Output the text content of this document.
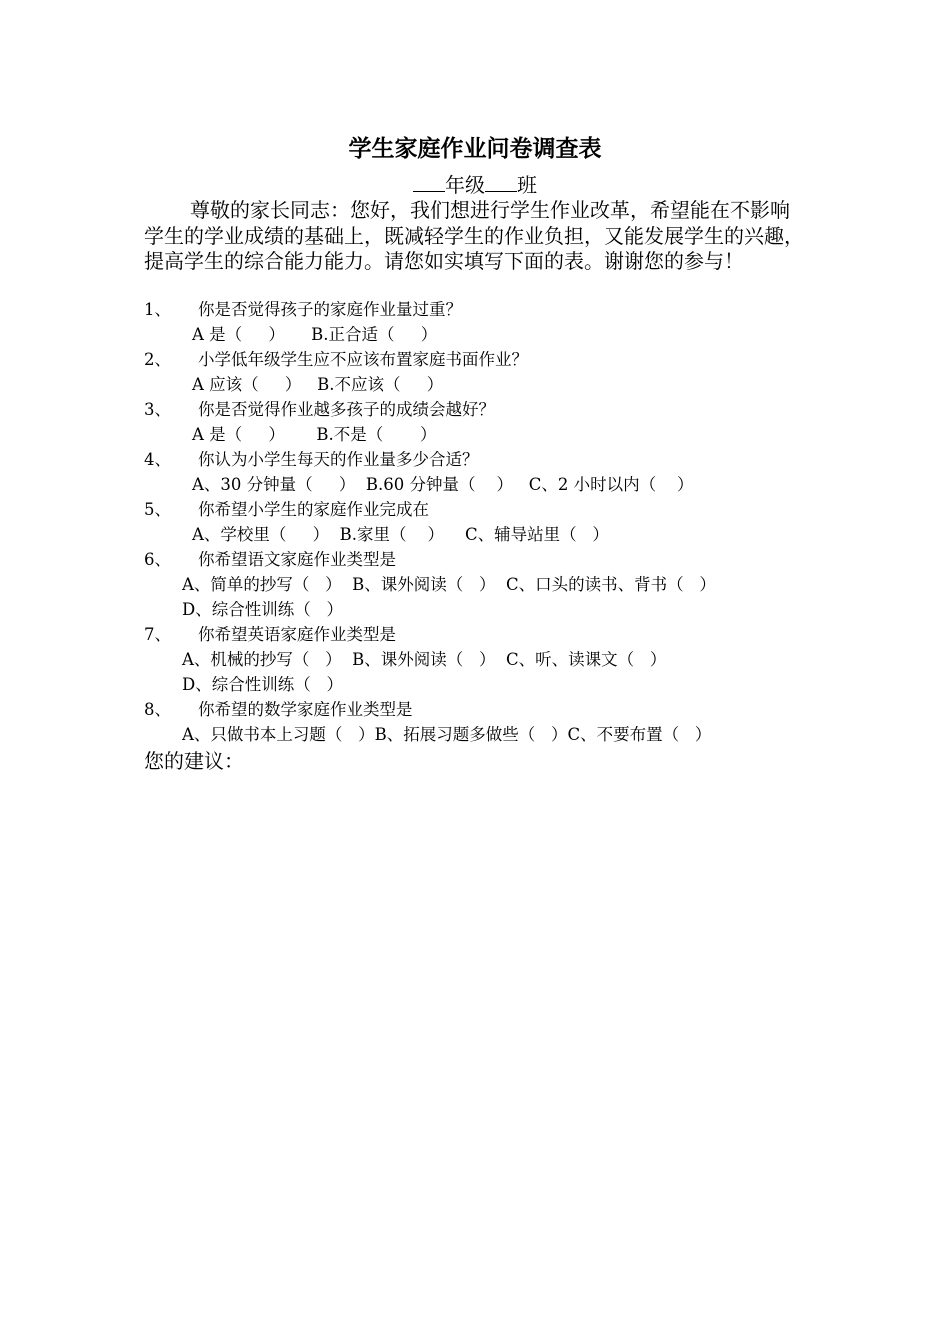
学生家庭作业问卷调查表
年级 班
尊敬的家长同志：您好，我们想进行学生作业改革，希望能在不影响学生的学业成绩的基础上，既减轻学生的作业负担，又能发展学生的兴趣，提高学生的综合能力能力。请您如实填写下面的表。谢谢您的参与！
1、 你是否觉得孩子的家庭作业量过重？
A 是（     ）     B.正合适（     ）
2、 小学低年级学生应不应该布置家庭书面作业？
A 应该（     ）   B.不应该（     ）
3、 你是否觉得作业越多孩子的成绩会越好？
A 是（     ）      B.不是（       ）
4、 你认为小学生每天的作业量多少合适？
A、30 分钟量（     ）  B.60 分钟量（    ）   C、2 小时以内（    ）
5、 你希望小学生的家庭作业完成在
A、学校里（     ）  B.家里（    ）    C、辅导站里（   ）
6、 你希望语文家庭作业类型是
A、简单的抄写（   ）  B、课外阅读（   ）  C、口头的读书、背书（   ）
D、综合性训练（   ）
7、 你希望英语家庭作业类型是
A、机械的抄写（   ）  B、课外阅读（   ）  C、听、读课文（   ）
D、综合性训练（   ）
8、 你希望的数学家庭作业类型是
A、只做书本上习题（   ）B、拓展习题多做些（   ）C、不要布置（   ）
您的建议：
